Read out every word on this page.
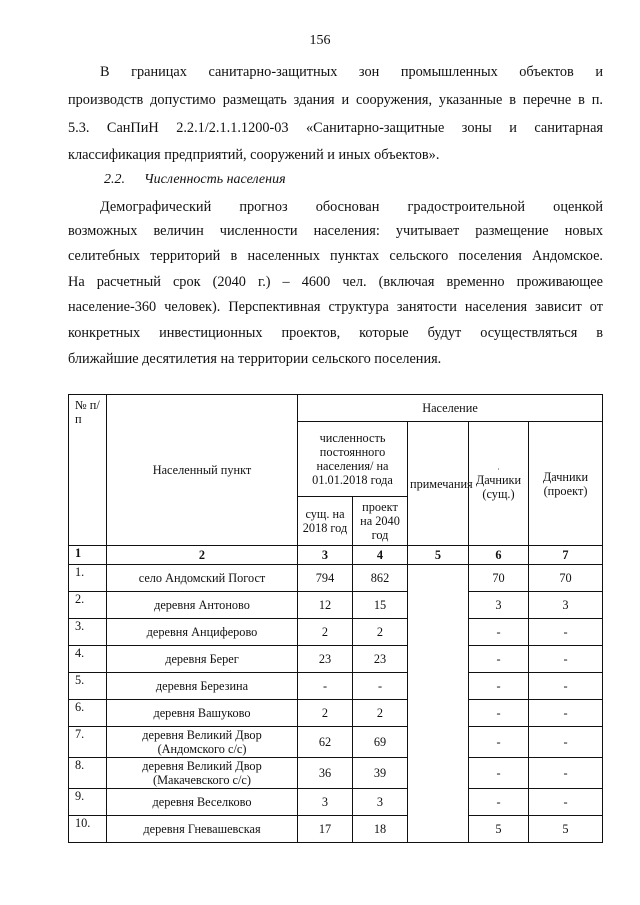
156
В границах санитарно-защитных зон промышленных объектов и
производств допустимо размещать здания и сооружения, указанные в перечне в п.
5.3. СанПиН 2.2.1/2.1.1.1200-03 «Санитарно-защитные зоны и санитарная
классификация предприятий, сооружений и иных объектов».
2.2. Численность населения
Демографический прогноз обоснован градостроительной оценкой
возможных величин численности населения: учитывает размещение новых
селитебных территорий в населенных пунктах сельского поселения Андомское.
На расчетный срок (2040 г.) – 4600 чел. (включая временно проживающее
население-360 человек). Перспективная структура занятости населения зависит от
конкретных инвестиционных проектов, которые будут осуществляться в
ближайшие десятилетия на территории сельского поселения.
№ п/п	Населенный пункт	Население				
		численность постоянного населения/ на 01.01.2018 года		примечания	·
Дачники (сущ.)	Дачники (проект)
		сущ. на 2018 год	проект на 2040 год			
1	2	3	4	5	6	7
1.	село Андомский Погост	794	862		70	70
2.	деревня Антоново	12	15		3	3
3.	деревня Анциферово	2	2		-	-
4.	деревня Берег	23	23		-	-
5.	деревня Березина	-	-		-	-
6.	деревня Вашуково	2	2		-	-
7.	деревня Великий Двор (Андомского с/с)	62	69		-	-
8.	деревня Великий Двор (Макачевского с/с)	36	39		-	-
9.	деревня Веселково	3	3		-	-
10.	деревня Гневашевская	17	18		5	5
